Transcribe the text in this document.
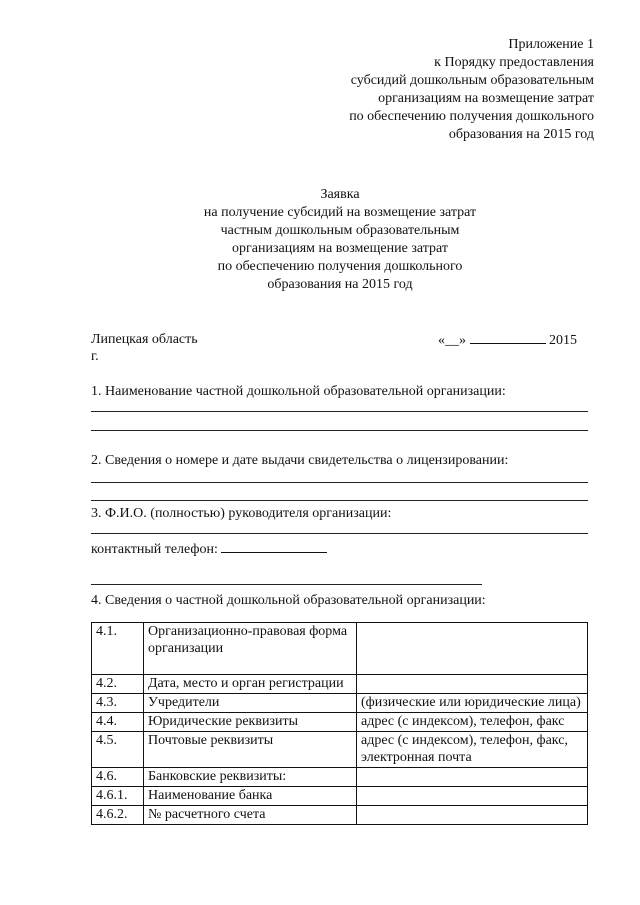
Приложение 1
к Порядку предоставления
субсидий дошкольным образовательным
организациям на возмещение затрат
по обеспечению получения дошкольного
образования на 2015 год
Заявка
на получение субсидий на возмещение затрат
частным дошкольным образовательным
организациям на возмещение затрат
по обеспечению получения дошкольного
образования на 2015 год
Липецкая область
г.
«__»	2015
1. Наименование частной дошкольной образовательной организации:
2. Сведения о номере и дате выдачи свидетельства о лицензировании:
3. Ф.И.О. (полностью) руководителя организации:
контактный телефон:
4. Сведения о частной дошкольной образовательной организации:
4.1.	Организационно-правовая форма организации	
4.2.	Дата, место и орган регистрации	
4.3.	Учредители	(физические или юридические лица)
4.4.	Юридические реквизиты	адрес (с индексом), телефон, факс
4.5.	Почтовые реквизиты	адрес (с индексом), телефон, факс, электронная почта
4.6.	Банковские реквизиты:	
4.6.1.	Наименование банка	
4.6.2.	№ расчетного счета	
